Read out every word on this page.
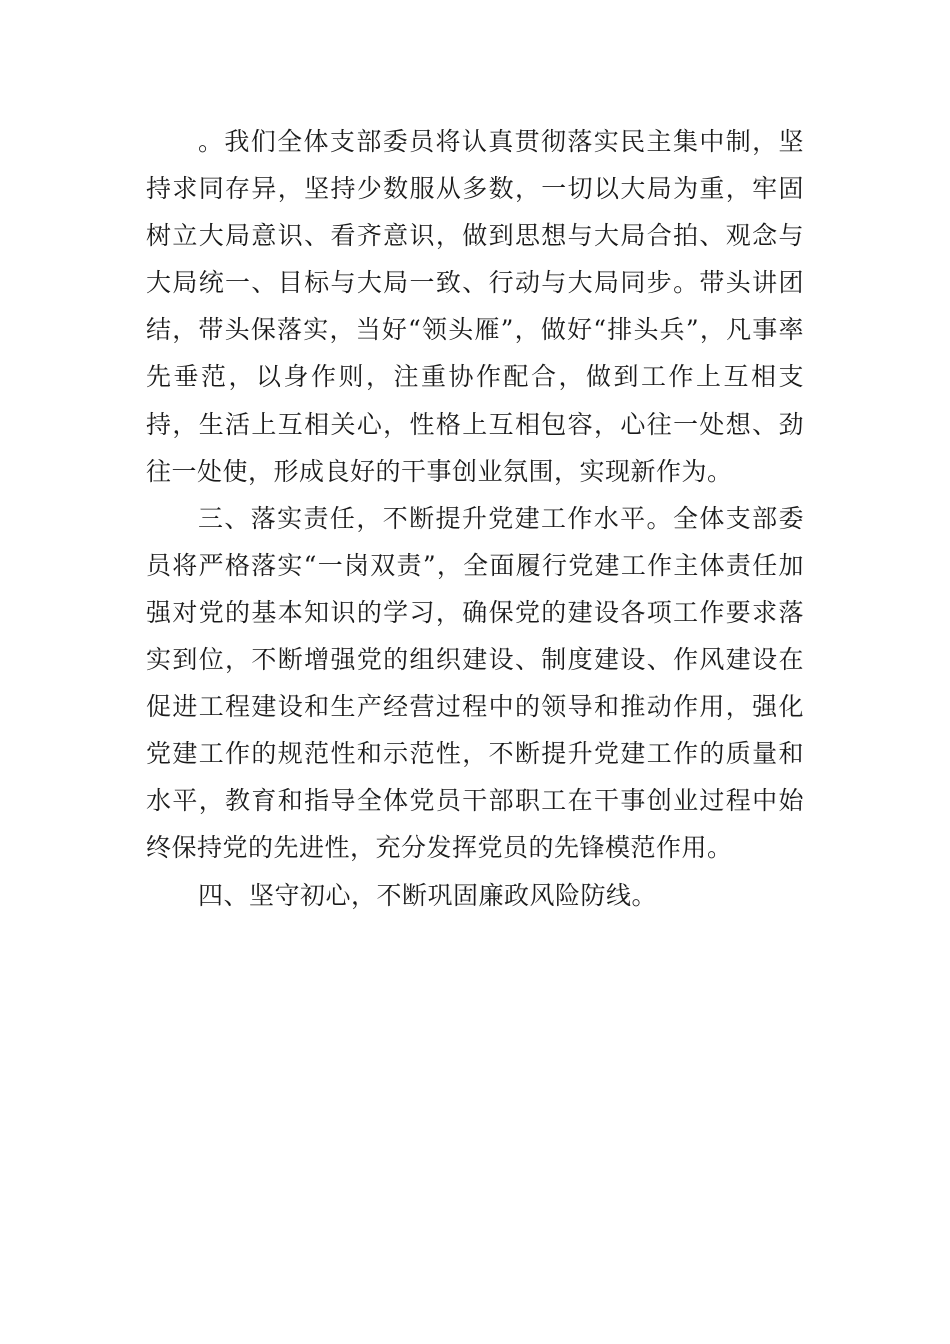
。我们全体支部委员将认真贯彻落实民主集中制，坚持求同存异，坚持少数服从多数，一切以大局为重，牢固树立大局意识、看齐意识，做到思想与大局合拍、观念与大局统一、目标与大局一致、行动与大局同步。带头讲团结，带头保落实，当好“领头雁”，做好“排头兵”，凡事率先垂范，以身作则，注重协作配合，做到工作上互相支持，生活上互相关心，性格上互相包容，心往一处想、劲往一处使，形成良好的干事创业氛围，实现新作为。

三、落实责任，不断提升党建工作水平。全体支部委员将严格落实“一岗双责”，全面履行党建工作主体责任加强对党的基本知识的学习，确保党的建设各项工作要求落实到位，不断增强党的组织建设、制度建设、作风建设在促进工程建设和生产经营过程中的领导和推动作用，强化党建工作的规范性和示范性，不断提升党建工作的质量和水平，教育和指导全体党员干部职工在干事创业过程中始终保持党的先进性，充分发挥党员的先锋模范作用。

四、坚守初心，不断巩固廉政风险防线。
